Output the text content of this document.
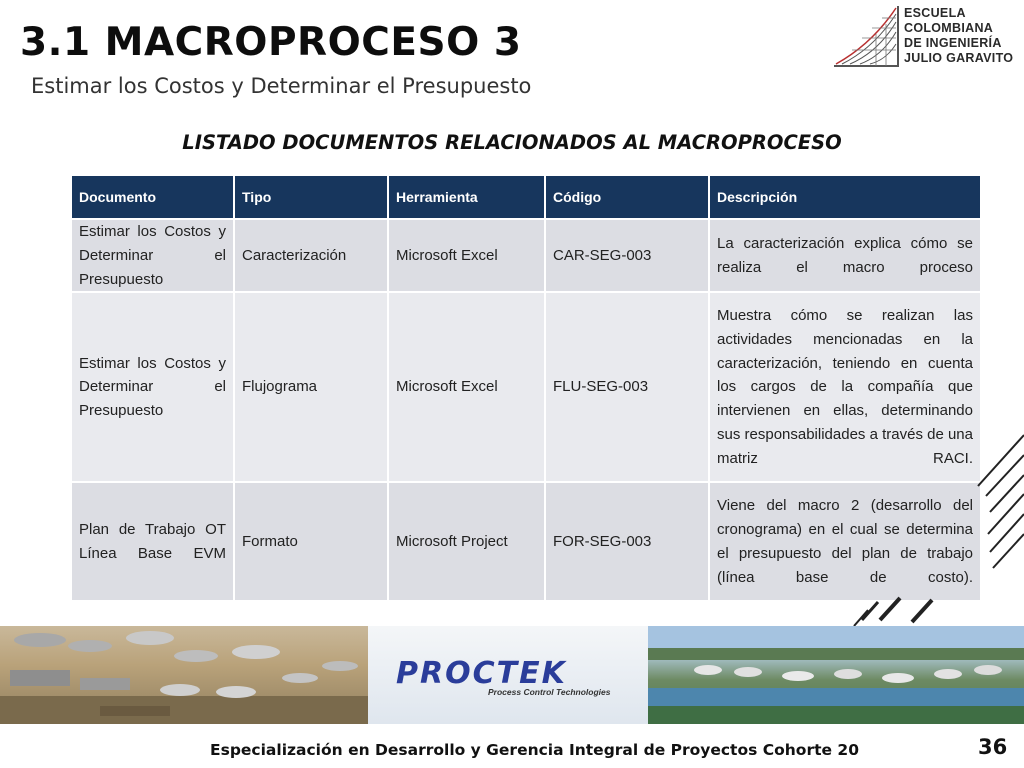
3.1 MACROPROCESO 3
Estimar los Costos y Determinar el Presupuesto
ESCUELA
COLOMBIANA
DE INGENIERÍA
JULIO GARAVITO
LISTADO DOCUMENTOS RELACIONADOS AL MACROPROCESO
Documento	Tipo	Herramienta	Código	Descripción
Estimar los Costos y Determinar el Presupuesto	Caracterización	Microsoft Excel	CAR-SEG-003	La caracterización explica cómo se realiza el macro proceso
Estimar los Costos y Determinar el Presupuesto	Flujograma	Microsoft Excel	FLU-SEG-003	Muestra cómo se realizan las actividades mencionadas en la caracterización, teniendo en cuenta los cargos de la compañía que intervienen en ellas, determinando sus responsabilidades a través de una matriz RACI.
Plan de Trabajo OT Línea Base EVM	Formato	Microsoft Project	FOR-SEG-003	Viene del macro 2 (desarrollo del cronograma) en el cual se determina el presupuesto del plan de trabajo (línea base de costo).
PROCTEK
Process Control Technologies
Especialización en Desarrollo y Gerencia Integral de Proyectos Cohorte 20	36
